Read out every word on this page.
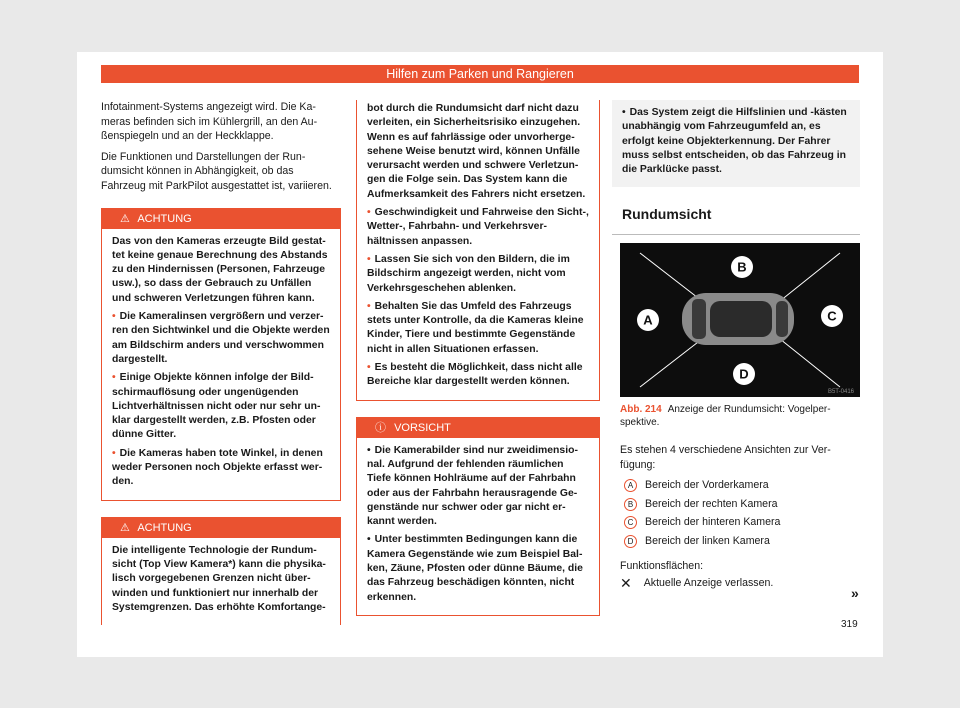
Hilfen zum Parken und Rangieren

Infotainment-Systems angezeigt wird. Die Kameras befinden sich im Kühlergrill, an den Außenspiegeln und an der Heckklappe.

Die Funktionen und Darstellungen der Rundumsicht können in Abhängigkeit, ob das Fahrzeug mit ParkPilot ausgestattet ist, variieren.

⚠ ACHTUNG

Das von den Kameras erzeugte Bild gestattet keine genaue Berechnung des Abstands zu den Hindernissen (Personen, Fahrzeuge usw.), so dass der Gebrauch zu Unfällen und schweren Verletzungen führen kann.

• Die Kameralinsen vergrößern und verzerren den Sichtwinkel und die Objekte werden am Bildschirm anders und verschwommen dargestellt.

• Einige Objekte können infolge der Bildschirmauflösung oder ungenügenden Lichtverhältnissen nicht oder nur sehr unklar dargestellt werden, z.B. Pfosten oder dünne Gitter.

• Die Kameras haben tote Winkel, in denen weder Personen noch Objekte erfasst werden.

⚠ ACHTUNG

Die intelligente Technologie der Rundumsicht (Top View Kamera*) kann die physikalisch vorgegebenen Grenzen nicht überwinden und funktioniert nur innerhalb der Systemgrenzen. Das erhöhte Komfortange-

bot durch die Rundumsicht darf nicht dazu verleiten, ein Sicherheitsrisiko einzugehen. Wenn es auf fahrlässige oder unvorhergesehene Weise benutzt wird, können Unfälle verursacht werden und schwere Verletzungen die Folge sein. Das System kann die Aufmerksamkeit des Fahrers nicht ersetzen.

• Geschwindigkeit und Fahrweise den Sicht-, Wetter-, Fahrbahn- und Verkehrsverhältnissen anpassen.

• Lassen Sie sich von den Bildern, die im Bildschirm angezeigt werden, nicht vom Verkehrsgeschehen ablenken.

• Behalten Sie das Umfeld des Fahrzeugs stets unter Kontrolle, da die Kameras kleine Kinder, Tiere und bestimmte Gegenstände nicht in allen Situationen erfassen.

• Es besteht die Möglichkeit, dass nicht alle Bereiche klar dargestellt werden können.

ⓘ VORSICHT

• Die Kamerabilder sind nur zweidimensional. Aufgrund der fehlenden räumlichen Tiefe können Hohlräume auf der Fahrbahn oder aus der Fahrbahn herausragende Gegenstände nur schwer oder gar nicht erkannt werden.

• Unter bestimmten Bedingungen kann die Kamera Gegenstände wie zum Beispiel Balken, Zäune, Pfosten oder dünne Bäume, die das Fahrzeug beschädigen könnten, nicht erkennen.

• Das System zeigt die Hilfslinien und -kästen unabhängig vom Fahrzeugumfeld an, es erfolgt keine Objekterkennung. Der Fahrer muss selbst entscheiden, ob das Fahrzeug in die Parklücke passt.

Rundumsicht
B
A	C
D
B5T-0416
Abb. 214 Anzeige der Rundumsicht: Vogelperspektive.

Es stehen 4 verschiedene Ansichten zur Verfügung:

A	Bereich der Vorderkamera
B	Bereich der rechten Kamera
C	Bereich der hinteren Kamera
D	Bereich der linken Kamera

Funktionsflächen:

✕ Aktuelle Anzeige verlassen.
»
319
